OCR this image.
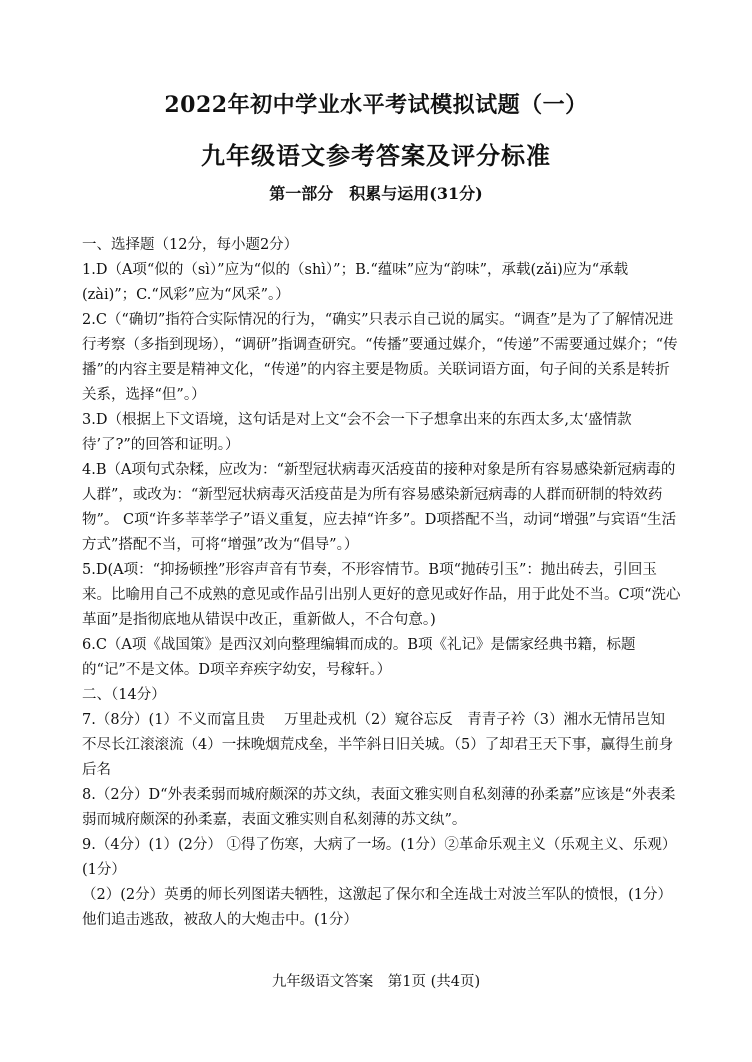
2022年初中学业水平考试模拟试题（一）
九年级语文参考答案及评分标准
第一部分　积累与运用(31分)

一、选择题（12分，每小题2分）

1.D（A项“似的（sì）”应为“似的（shì）”；B.“蕴味”应为“韵味”，承载(zǎi)应为“承载(zài)”；C.“风彩”应为“风采”。）

2.C（“确切”指符合实际情况的行为，“确实”只表示自己说的属实。“调查”是为了了解情况进行考察（多指到现场），“调研”指调查研究。“传播”要通过媒介，“传递”不需要通过媒介；“传播”的内容主要是精神文化，“传递”的内容主要是物质。关联词语方面，句子间的关系是转折关系，选择“但”。）

3.D（根据上下文语境，这句话是对上文“会不会一下子想拿出来的东西太多,太‘盛情款待’了?”的回答和证明。）

4.B（A项句式杂糅，应改为：“新型冠状病毒灭活疫苗的接种对象是所有容易感染新冠病毒的人群”，或改为：“新型冠状病毒灭活疫苗是为所有容易感染新冠病毒的人群而研制的特效药物”。 C项“许多莘莘学子”语义重复，应去掉“许多”。D项搭配不当，动词“增强”与宾语“生活方式”搭配不当，可将“增强”改为“倡导”。）

5.D(A项：“抑扬顿挫”形容声音有节奏，不形容情节。B项“抛砖引玉”：抛出砖去，引回玉来。比喻用自己不成熟的意见或作品引出别人更好的意见或好作品，用于此处不当。C项“洗心革面”是指彻底地从错误中改正，重新做人，不合句意。)

6.C（A项《战国策》是西汉刘向整理编辑而成的。B项《礼记》是儒家经典书籍，标题的“记”不是文体。D项辛弃疾字幼安，号稼轩。）

二、（14分）

7.（8分）(1）不义而富且贵　 万里赴戎机（2）窥谷忘反　青青子衿（3）湘水无情吊岂知　不尽长江滚滚流（4）一抹晚烟荒戍垒，半竿斜日旧关城。（5）了却君王天下事，赢得生前身后名

8.（2分）D“外表柔弱而城府颇深的苏文纨，表面文雅实则自私刻薄的孙柔嘉”应该是“外表柔弱而城府颇深的孙柔嘉，表面文雅实则自私刻薄的苏文纨”。

9.（4分）(1）(2分） ①得了伤寒，大病了一场。(1分）②革命乐观主义（乐观主义、乐观）(1分）

（2）(2分）英勇的师长列图诺夫牺牲，这激起了保尔和全连战士对波兰军队的愤恨，(1分）他们追击逃敌，被敌人的大炮击中。(1分）

九年级语文答案　第1页 (共4页)
